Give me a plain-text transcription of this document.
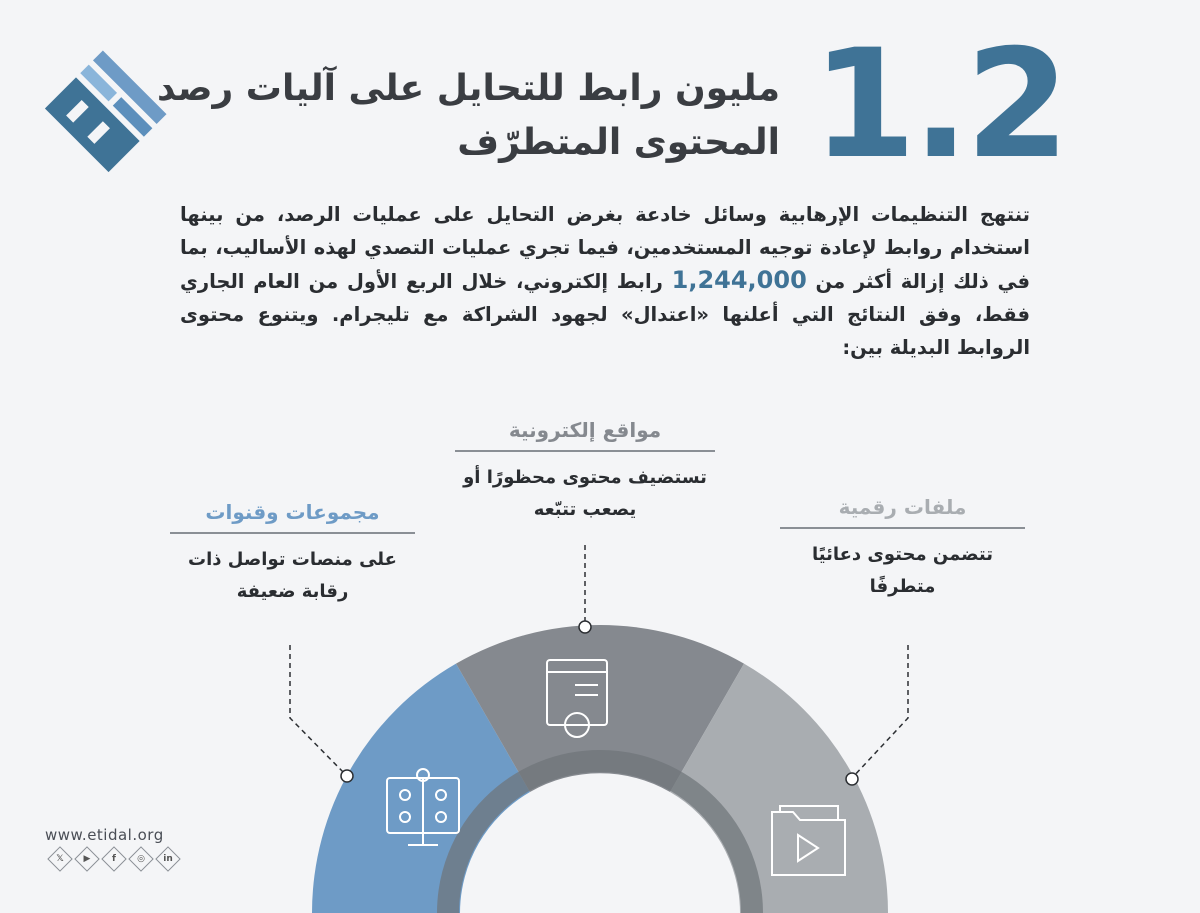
1.2
مليون رابط للتحايل على آليات رصد
المحتوى المتطرّف
تنتهج التنظيمات الإرهابية وسائل خادعة بغرض التحايل على عمليات الرصد، من بينها استخدام روابط لإعادة توجيه المستخدمين، فيما تجري عمليات التصدي لهذه الأساليب، بما في ذلك إزالة أكثر من 1,244,000 رابط إلكتروني، خلال الربع الأول من العام الجاري فقط، وفق النتائج التي أعلنها «اعتدال» لجهود الشراكة مع تليجرام. ويتنوع محتوى الروابط البديلة بين:
مجموعات وقنوات
على منصات تواصل ذات رقابة ضعيفة
مواقع إلكترونية
تستضيف محتوى محظورًا أو يصعب تتبّعه	ملفات رقمية
تتضمن محتوى دعائيًا متطرفًا
www.etidal.org
𝕏	▶	f	◎	in
